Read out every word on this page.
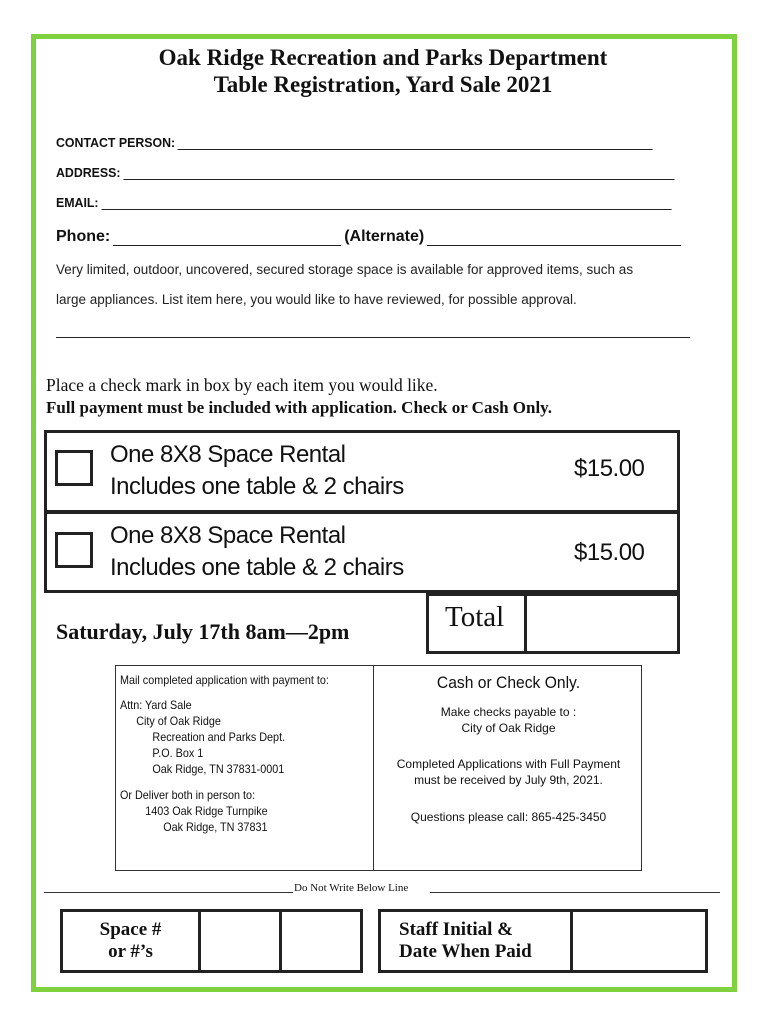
Oak Ridge Recreation and Parks Department
Table Registration, Yard Sale 2021
CONTACT PERSON:
ADDRESS:
EMAIL:
Phone:	(Alternate)
Very limited, outdoor, uncovered, secured storage space is available for approved items, such as
large appliances. List item here, you would like to have reviewed, for possible approval.
Place a check mark in box by each item you would like.
Full payment must be included with application. Check or Cash Only.
One 8X8 Space Rental
Includes one table & 2 chairs
$15.00
One 8X8 Space Rental
Includes one table & 2 chairs
$15.00
Saturday, July 17th 8am—2pm	Total
Mail completed application with payment to:
Attn: Yard Sale
City of Oak Ridge
Recreation and Parks Dept.
P.O. Box 1
Oak Ridge, TN 37831-0001
Or Deliver both in person to:
1403 Oak Ridge Turnpike
Oak Ridge, TN 37831
Cash or Check Only.
Make checks payable to :
City of Oak Ridge
Completed Applications with Full Payment
must be received by July 9th, 2021.
Questions please call: 865-425-3450
Do Not Write Below Line
Space #
or #’s
Staff Initial &
Date When Paid
